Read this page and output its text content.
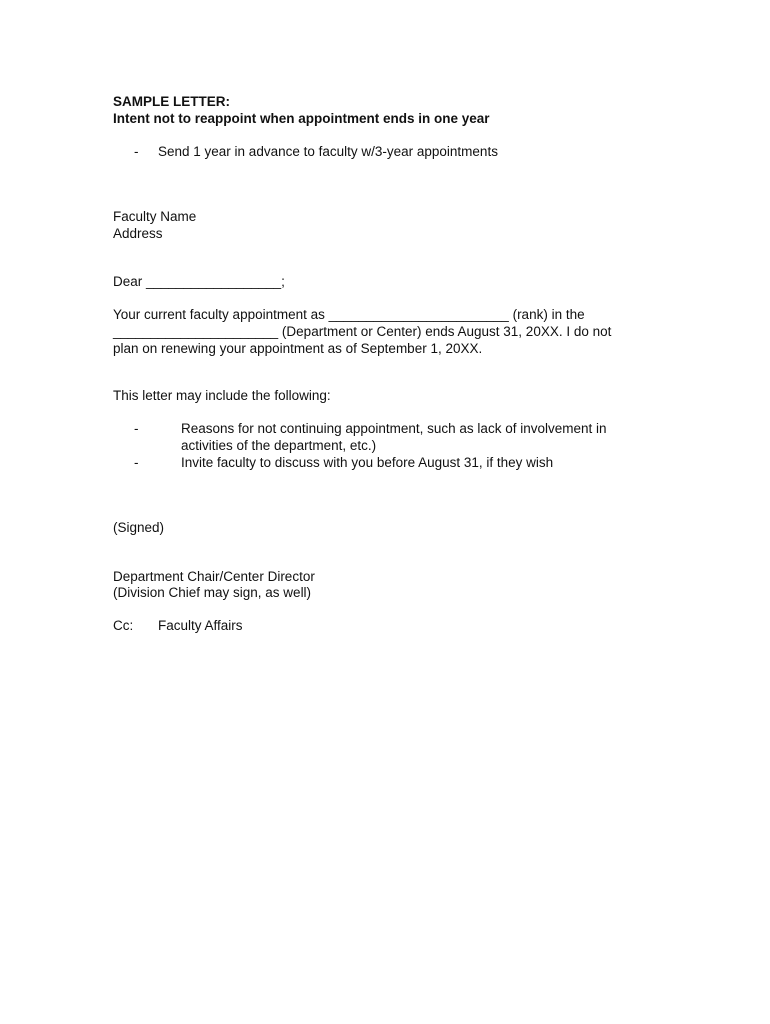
SAMPLE LETTER:
Intent not to reappoint when appointment ends in one year
- Send 1 year in advance to faculty w/3-year appointments
Faculty Name
Address
Dear __________________;
Your current faculty appointment as ________________________ (rank) in the
______________________ (Department or Center) ends August 31, 20XX. I do not
plan on renewing your appointment as of September 1, 20XX.
This letter may include the following:
-	Reasons for not continuing appointment, such as lack of involvement in
activities of the department, etc.)
-	Invite faculty to discuss with you before August 31, if they wish
(Signed)
Department Chair/Center Director
(Division Chief may sign, as well)
Cc: Faculty Affairs
